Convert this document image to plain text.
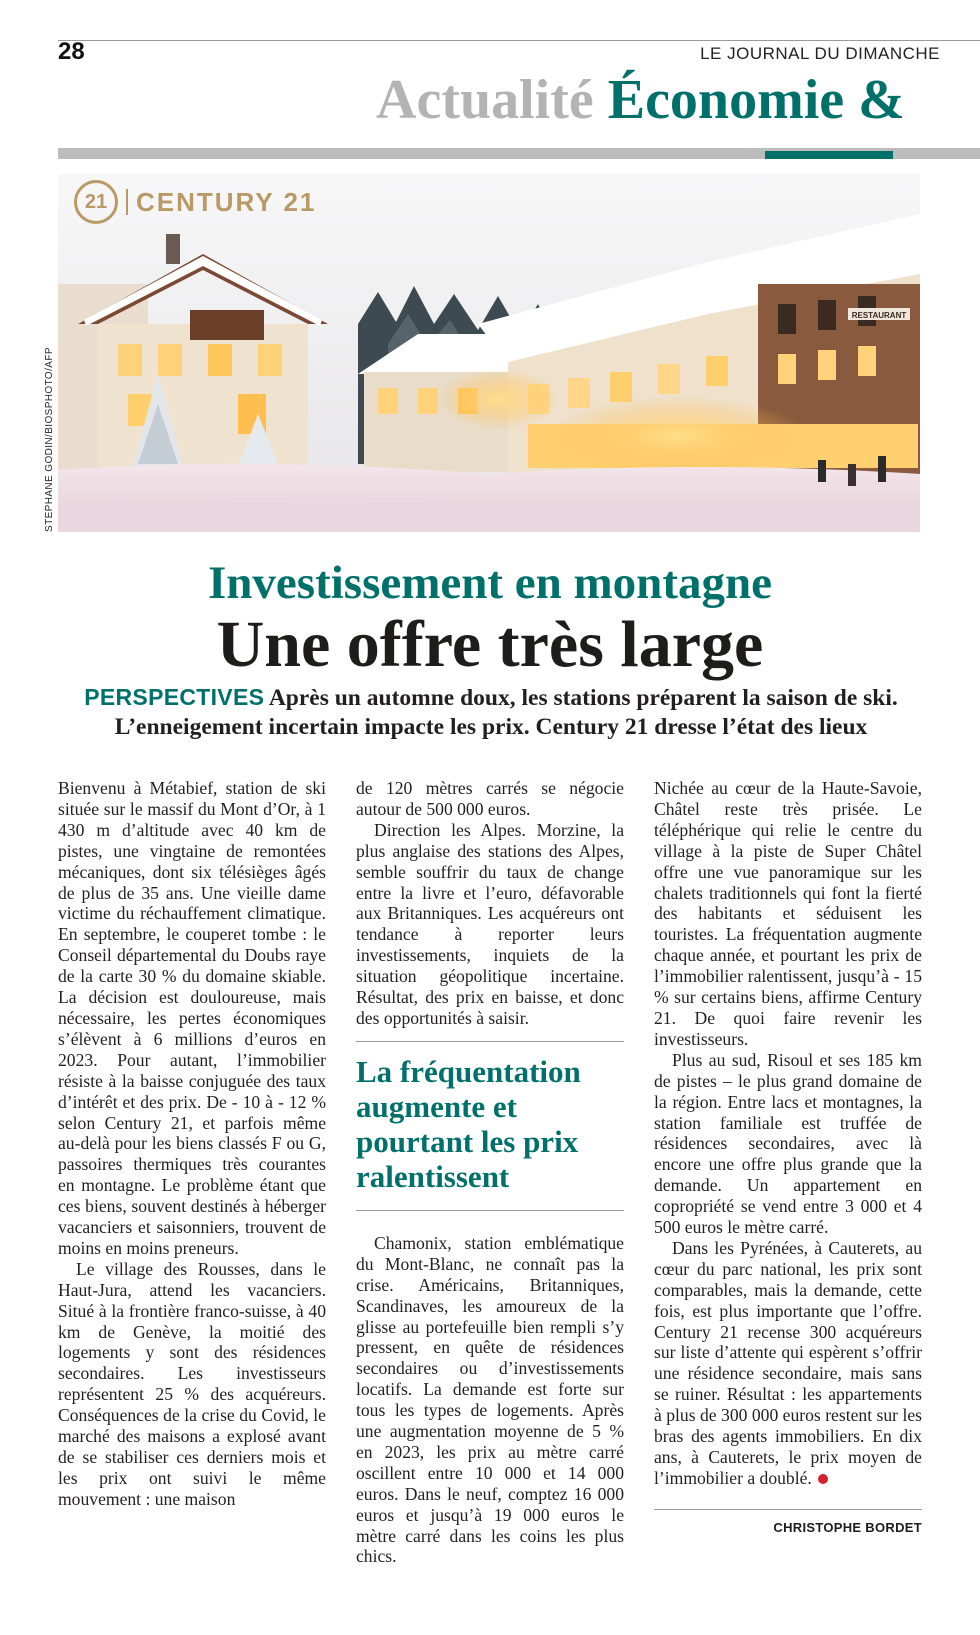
28	LE JOURNAL DU DIMANCHE
Actualité Économie &
RESTAURANT
21	CENTURY 21
STEPHANE GODIN/BIOSPHOTO/AFP
Investissement en montagne
Une offre très large
PERSPECTIVES Après un automne doux, les stations préparent la saison de ski. L’enneigement incertain impacte les prix. Century 21 dresse l’état des lieux

Bienvenu à Métabief, station de ski située sur le massif du Mont d’Or, à 1 430 m d’altitude avec 40 km de pistes, une vingtaine de remontées mécaniques, dont six télésièges âgés de plus de 35 ans. Une vieille dame victime du réchauffement climatique. En septembre, le couperet tombe : le Conseil départemental du Doubs raye de la carte 30 % du domaine skiable. La décision est douloureuse, mais nécessaire, les pertes économiques s’élèvent à 6 millions d’euros en 2023. Pour autant, l’immobilier résiste à la baisse conjuguée des taux d’intérêt et des prix. De - 10 à - 12 % selon Century 21, et parfois même au-delà pour les biens classés F ou G, passoires thermiques très courantes en montagne. Le problème étant que ces biens, souvent destinés à héberger vacanciers et saisonniers, trouvent de moins en moins preneurs.

Le village des Rousses, dans le Haut-Jura, attend les vacanciers. Situé à la frontière franco-suisse, à 40 km de Genève, la moitié des logements y sont des résidences secondaires. Les investisseurs représentent 25 % des acquéreurs. Conséquences de la crise du Covid, le marché des maisons a explosé avant de se stabiliser ces derniers mois et les prix ont suivi le même mouvement : une maison

de 120 mètres carrés se négocie autour de 500 000 euros.

Direction les Alpes. Morzine, la plus anglaise des stations des Alpes, semble souffrir du taux de change entre la livre et l’euro, défavorable aux Britanniques. Les acquéreurs ont tendance à reporter leurs investissements, inquiets de la situation géopolitique incertaine. Résultat, des prix en baisse, et donc des opportunités à saisir.

La fréquentation augmente et pourtant les prix ralentissent

Chamonix, station emblématique du Mont-Blanc, ne connaît pas la crise. Américains, Britanniques, Scandinaves, les amoureux de la glisse au portefeuille bien rempli s’y pressent, en quête de résidences secondaires ou d’investissements locatifs. La demande est forte sur tous les types de logements. Après une augmentation moyenne de 5 % en 2023, les prix au mètre carré oscillent entre 10 000 et 14 000 euros. Dans le neuf, comptez 16 000 euros et jusqu’à 19 000 euros le mètre carré dans les coins les plus chics.

Nichée au cœur de la Haute-Savoie, Châtel reste très prisée. Le téléphérique qui relie le centre du village à la piste de Super Châtel offre une vue panoramique sur les chalets traditionnels qui font la fierté des habitants et séduisent les touristes. La fréquentation augmente chaque année, et pourtant les prix de l’immobilier ralentissent, jusqu’à - 15 % sur certains biens, affirme Century 21. De quoi faire revenir les investisseurs.

Plus au sud, Risoul et ses 185 km de pistes – le plus grand domaine de la région. Entre lacs et montagnes, la station familiale est truffée de résidences secondaires, avec là encore une offre plus grande que la demande. Un appartement en copropriété se vend entre 3 000 et 4 500 euros le mètre carré.

Dans les Pyrénées, à Cauterets, au cœur du parc national, les prix sont comparables, mais la demande, cette fois, est plus importante que l’offre. Century 21 recense 300 acquéreurs sur liste d’attente qui espèrent s’offrir une résidence secondaire, mais sans se ruiner. Résultat : les appartements à plus de 300 000 euros restent sur les bras des agents immobiliers. En dix ans, à Cauterets, le prix moyen de l’immobilier a doublé.

CHRISTOPHE BORDET
